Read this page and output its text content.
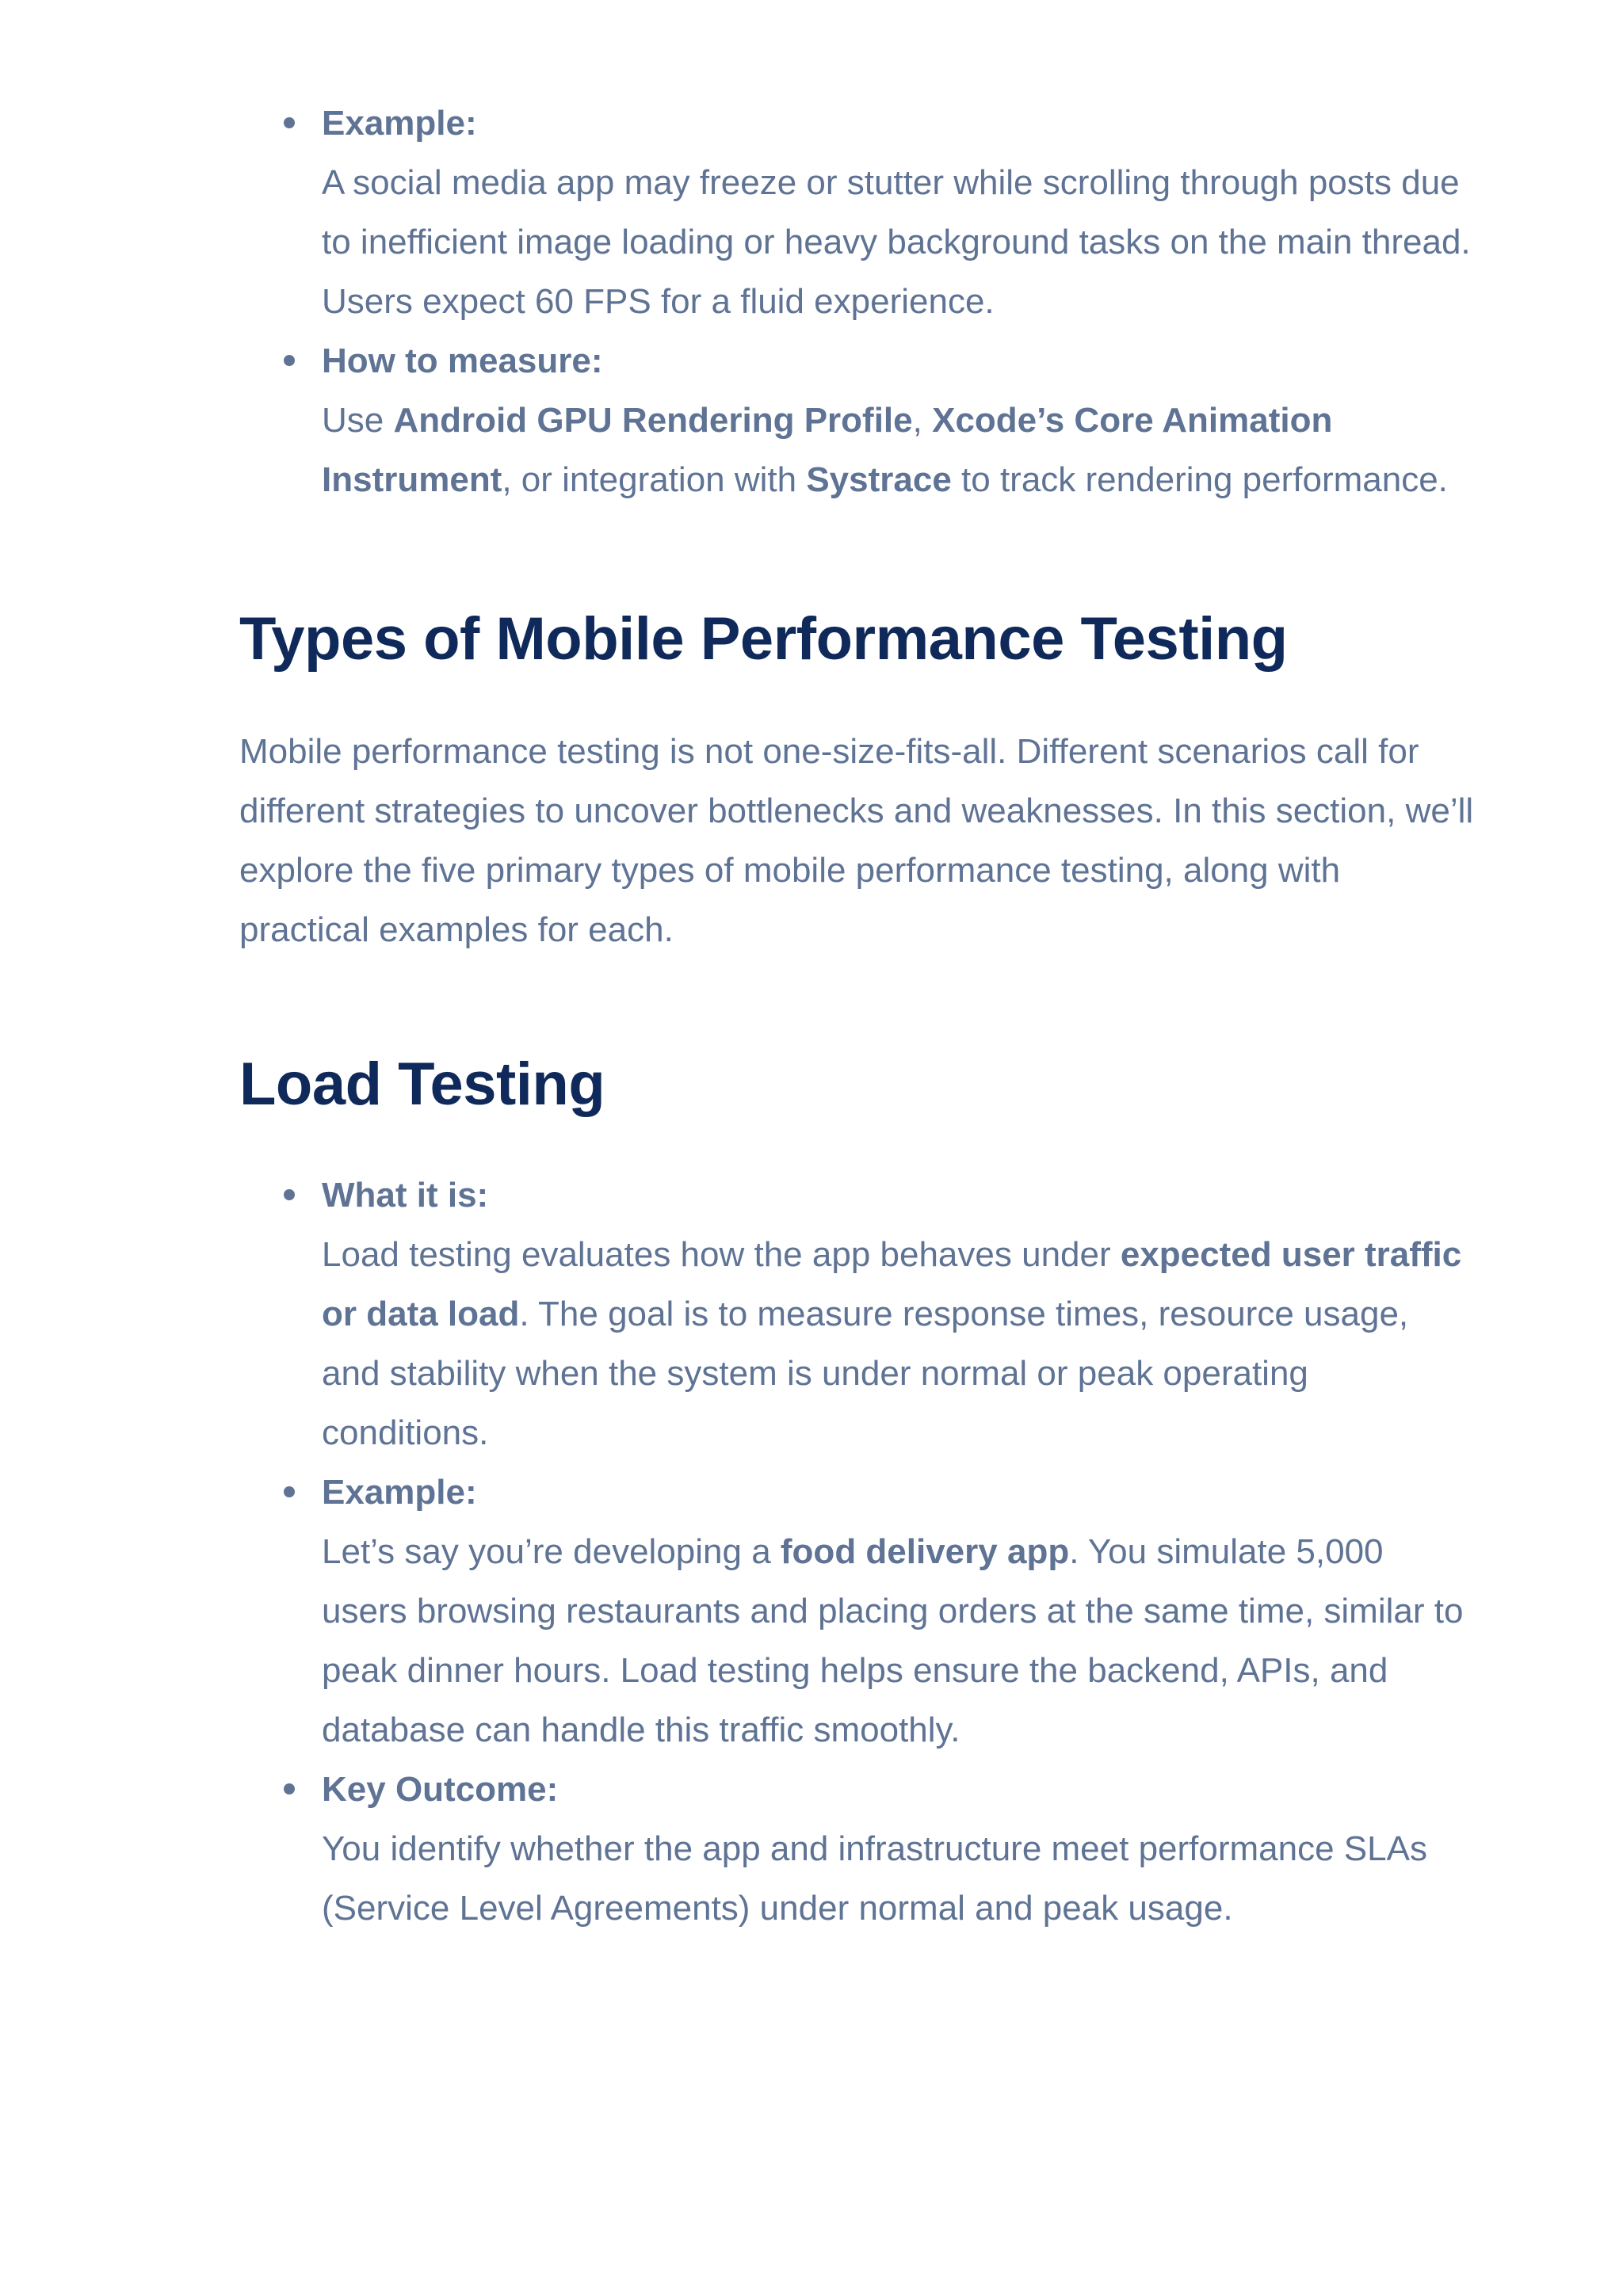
Example:
A social media app may freeze or stutter while scrolling through posts due to inefficient image loading or heavy background tasks on the main thread. Users expect 60 FPS for a fluid experience.
How to measure:
Use Android GPU Rendering Profile, Xcode’s Core Animation Instrument, or integration with Systrace to track rendering performance.
Types of Mobile Performance Testing

Mobile performance testing is not one-size-fits-all. Different scenarios call for different strategies to uncover bottlenecks and weaknesses. In this section, we’ll explore the five primary types of mobile performance testing, along with practical examples for each.

Load Testing
What it is:
Load testing evaluates how the app behaves under expected user traffic or data load. The goal is to measure response times, resource usage, and stability when the system is under normal or peak operating conditions.
Example:
Let’s say you’re developing a food delivery app. You simulate 5,000 users browsing restaurants and placing orders at the same time, similar to peak dinner hours. Load testing helps ensure the backend, APIs, and database can handle this traffic smoothly.
Key Outcome:
You identify whether the app and infrastructure meet performance SLAs (Service Level Agreements) under normal and peak usage.
